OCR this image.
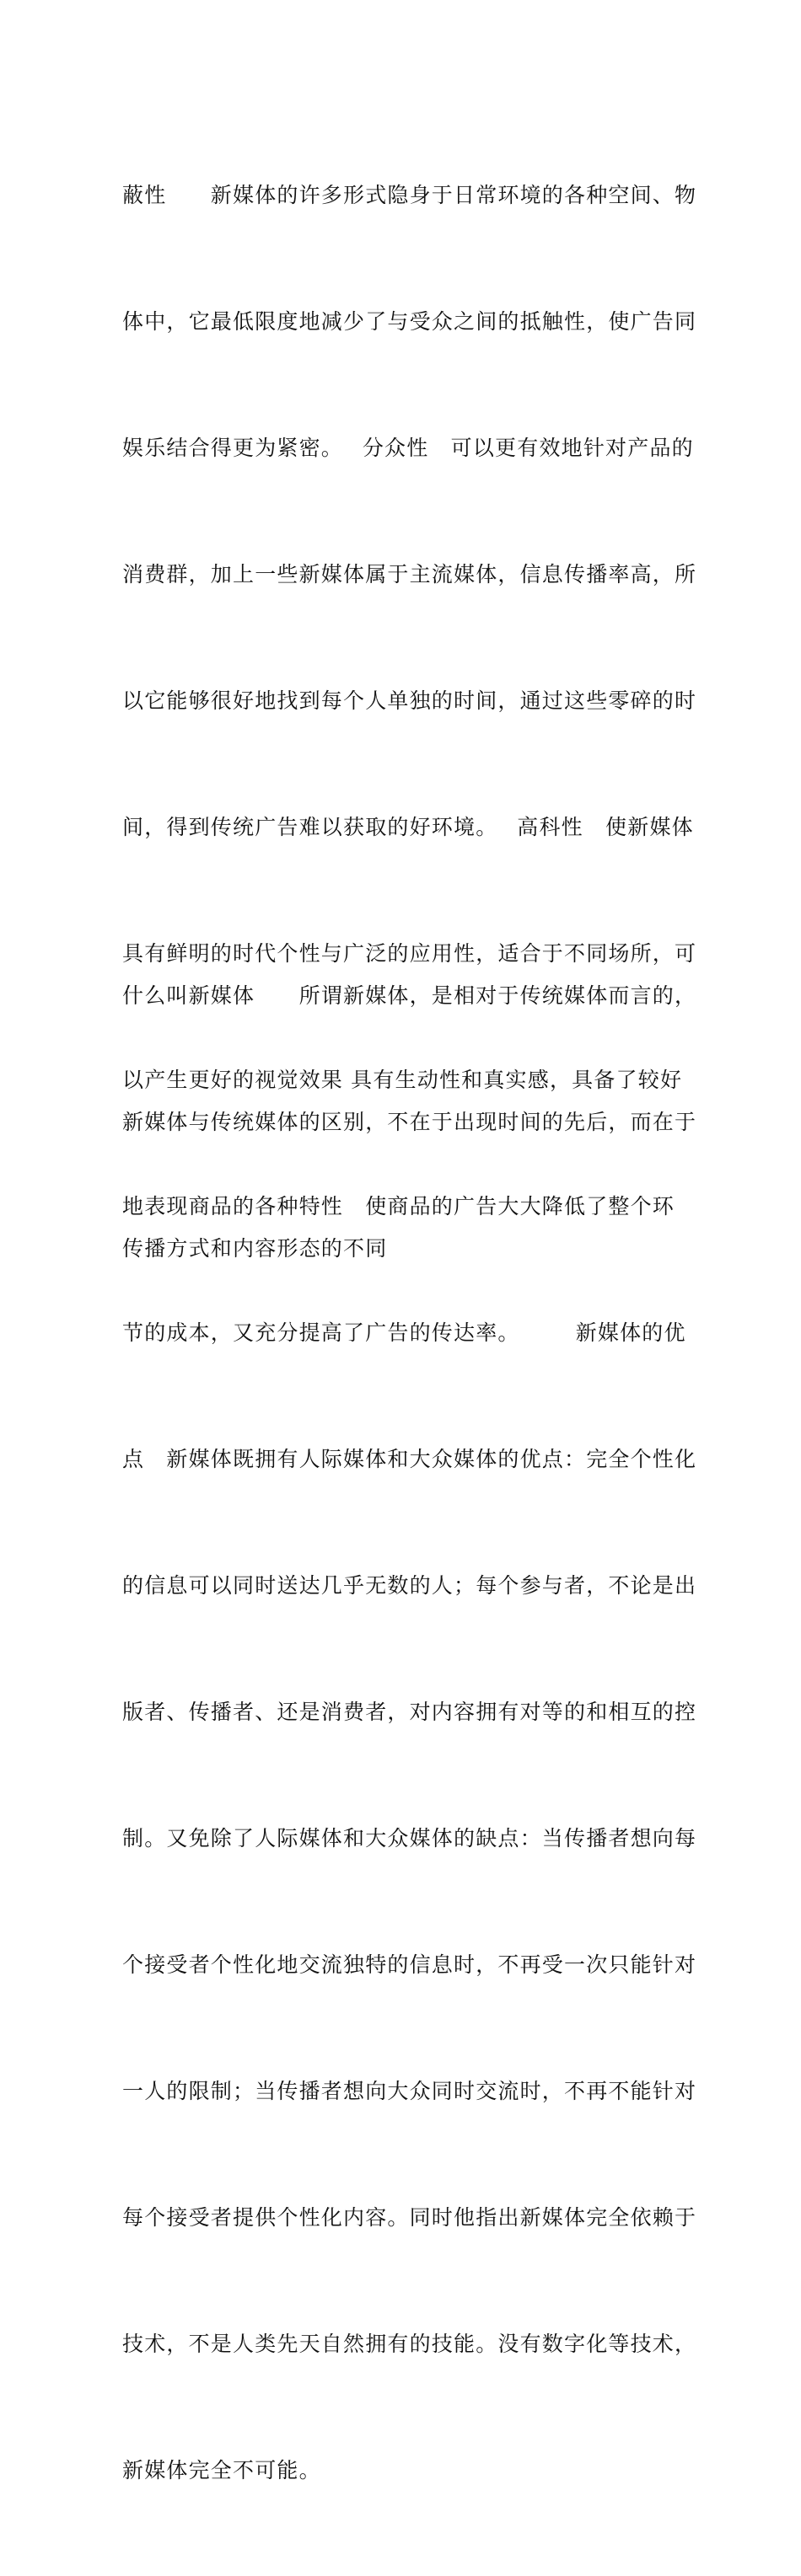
蔽性　　新媒体的许多形式隐身于日常环境的各种空间、物

体中，它最低限度地减少了与受众之间的抵触性，使广告同

娱乐结合得更为紧密。　 分众性　可以更有效地针对产品的

消费群，加上一些新媒体属于主流媒体，信息传播率高，所

以它能够很好地找到每个人单独的时间，通过这些零碎的时

间，得到传统广告难以获取的好环境。　 高科性　使新媒体

具有鲜明的时代个性与广泛的应用性，适合于不同场所，可

以产生更好的视觉效果 具有生动性和真实感，具备了较好

地表现商品的各种特性　使商品的广告大大降低了整个环

节的成本，又充分提高了广告的传达率。　　　新媒体的优

点　新媒体既拥有人际媒体和大众媒体的优点：完全个性化

的信息可以同时送达几乎无数的人；每个参与者，不论是出

版者、传播者、还是消费者，对内容拥有对等的和相互的控

制。又免除了人际媒体和大众媒体的缺点：当传播者想向每

个接受者个性化地交流独特的信息时，不再受一次只能针对

一人的限制；当传播者想向大众同时交流时，不再不能针对

每个接受者提供个性化内容。同时他指出新媒体完全依赖于

技术，不是人类先天自然拥有的技能。没有数字化等技术，

新媒体完全不可能。

什么叫新媒体　　所谓新媒体，是相对于传统媒体而言的，

新媒体与传统媒体的区别，不在于出现时间的先后，而在于

传播方式和内容形态的不同
